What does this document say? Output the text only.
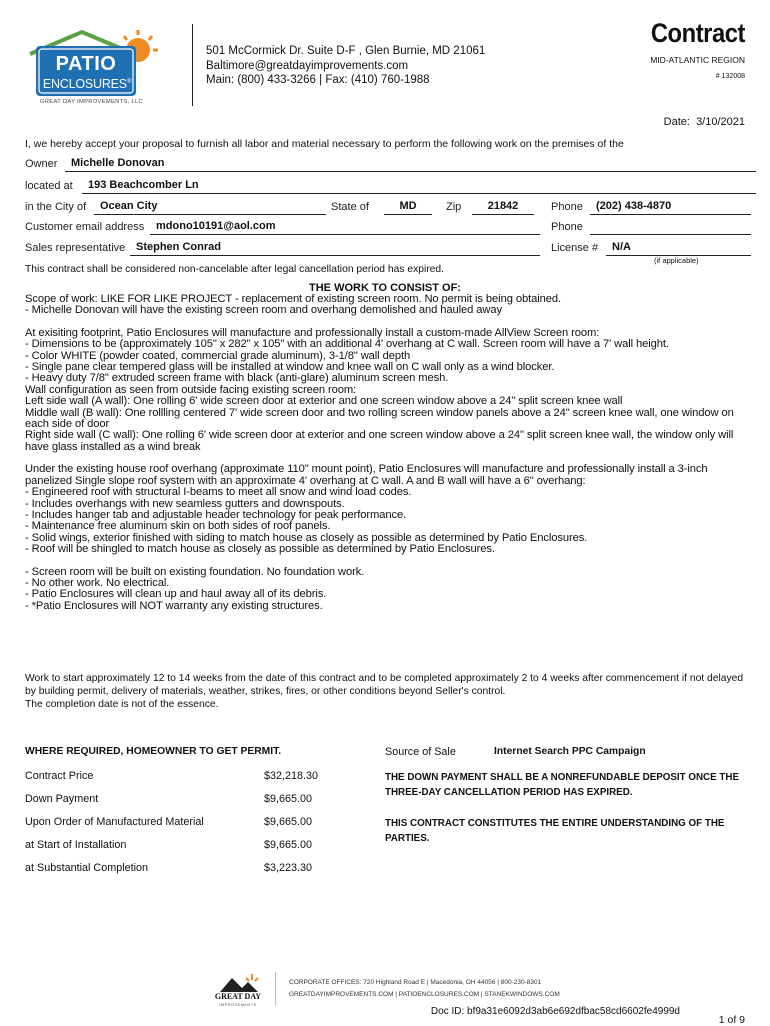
PATIO
ENCLOSURES®
GREAT DAY IMPROVEMENTS, LLC
501 McCormick Dr. Suite D-F , Glen Burnie, MD 21061
Baltimore@greatdayimprovements.com
Main: (800) 433-3266 | Fax: (410) 760-1988
Contract
MID-ATLANTIC REGION
# 132008
Date: 3/10/2021
I, we hereby accept your proposal to furnish all labor and material necessary to perform the following work on the premises of the
Owner	Michelle Donovan
located at	193 Beachcomber Ln
in the City of	Ocean City	State of	MD	Zip	21842	Phone	(202) 438-4870
Customer email address	mdono10191@aol.com	Phone
Sales representative Stephen Conrad	License #	N/A
(if applicable)
This contract shall be considered non-cancelable after legal cancellation period has expired.
THE WORK TO CONSIST OF:

Scope of work: LIKE FOR LIKE PROJECT - replacement of existing screen room. No permit is being obtained.

- Michelle Donovan will have the existing screen room and overhang demolished and hauled away

At exisiting footprint, Patio Enclosures will manufacture and professionally install a custom-made AllView Screen room:

- Dimensions to be (approximately 105" x 282" x 105" with an additional 4' overhang at C wall. Screen room will have a 7' wall height.

- Color WHITE (powder coated, commercial grade aluminum), 3-1/8" wall depth

- Single pane clear tempered glass will be installed at window and knee wall on C wall only as a wind blocker.

- Heavy duty 7/8" extruded screen frame with black (anti-glare) aluminum screen mesh.

Wall configuration as seen from outside facing existing screen room:

Left side wall (A wall): One rolling 6' wide screen door at exterior and one screen window above a 24" split screen knee wall

Middle wall (B wall): One rollling centered 7' wide screen door and two rolling screen window panels above a 24" screen knee wall, one window on each side of door

Right side wall (C wall): One rolling 6' wide screen door at exterior and one screen window above a 24" split screen knee wall, the window only will have glass installed as a wind break

Under the existing house roof overhang (approximate 110" mount point), Patio Enclosures will manufacture and professionally install a 3-inch panelized Single slope roof system with an approximate 4' overhang at C wall. A and B wall will have a 6" overhang:

- Engineered roof with structural I-beams to meet all snow and wind load codes.

- Includes overhangs with new seamless gutters and downspouts.

- Includes hanger tab and adjustable header technology for peak performance.

- Maintenance free aluminum skin on both sides of roof panels.

- Solid wings, exterior finished with siding to match house as closely as possible as determined by Patio Enclosures.

- Roof will be shingled to match house as closely as possible as determined by Patio Enclosures.

- Screen room will be built on existing foundation. No foundation work.

- No other work. No electrical.

- Patio Enclosures will clean up and haul away all of its debris.

- *Patio Enclosures will NOT warranty any existing structures.

Work to start approximately 12 to 14 weeks from the date of this contract and to be completed approximately 2 to 4 weeks after commencement if not delayed by building permit, delivery of materials, weather, strikes, fires, or other conditions beyond Seller's control.
The completion date is not of the essence.
WHERE REQUIRED, HOMEOWNER TO GET PERMIT.
Contract Price	$32,218.30
Down Payment	$9,665.00
Upon Order of Manufactured Material	$9,665.00
at Start of Installation	$9,665.00
at Substantial Completion	$3,223.30
Source of Sale	Internet Search PPC Campaign
THE DOWN PAYMENT SHALL BE A NONREFUNDABLE DEPOSIT ONCE THE THREE-DAY CANCELLATION PERIOD HAS EXPIRED.
THIS CONTRACT CONSTITUTES THE ENTIRE UNDERSTANDING OF THE PARTIES.
GREAT DAY
IMPROVEMENTS
CORPORATE OFFICES: 720 Highland Road E | Macedonia, OH 44056 | 800-230-8301
GREATDAYIMPROVEMENTS.COM | PATIOENCLOSURES.COM | STANEKWINDOWS.COM
1 of 9
Doc ID: bf9a31e6092d3ab6e692dfbac58cd6602fe4999d
